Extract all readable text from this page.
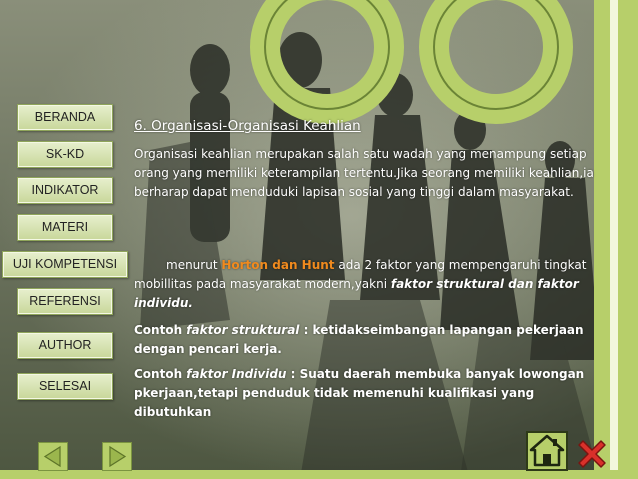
BERANDA
SK-KD
INDIKATOR
MATERI
UJI KOMPETENSI
REFERENSI
AUTHOR
SELESAI
6. Organisasi-Organisasi Keahlian
Organisasi keahlian merupakan salah satu wadah yang menampung setiap orang yang memiliki keterampilan tertentu.Jika seorang memiliki keahlian,ia berharap dapat menduduki lapisan sosial yang tinggi dalam masyarakat.
menurut Horton dan Hunt ada 2 faktor yang mempengaruhi tingkat mobillitas pada masyarakat modern,yakni faktor struktural dan faktor individu.
Contoh faktor struktural : ketidakseimbangan lapangan pekerjaan dengan pencari kerja.
Contoh faktor Individu : Suatu daerah membuka banyak lowongan pkerjaan,tetapi penduduk tidak memenuhi kualifikasi yang dibutuhkan
